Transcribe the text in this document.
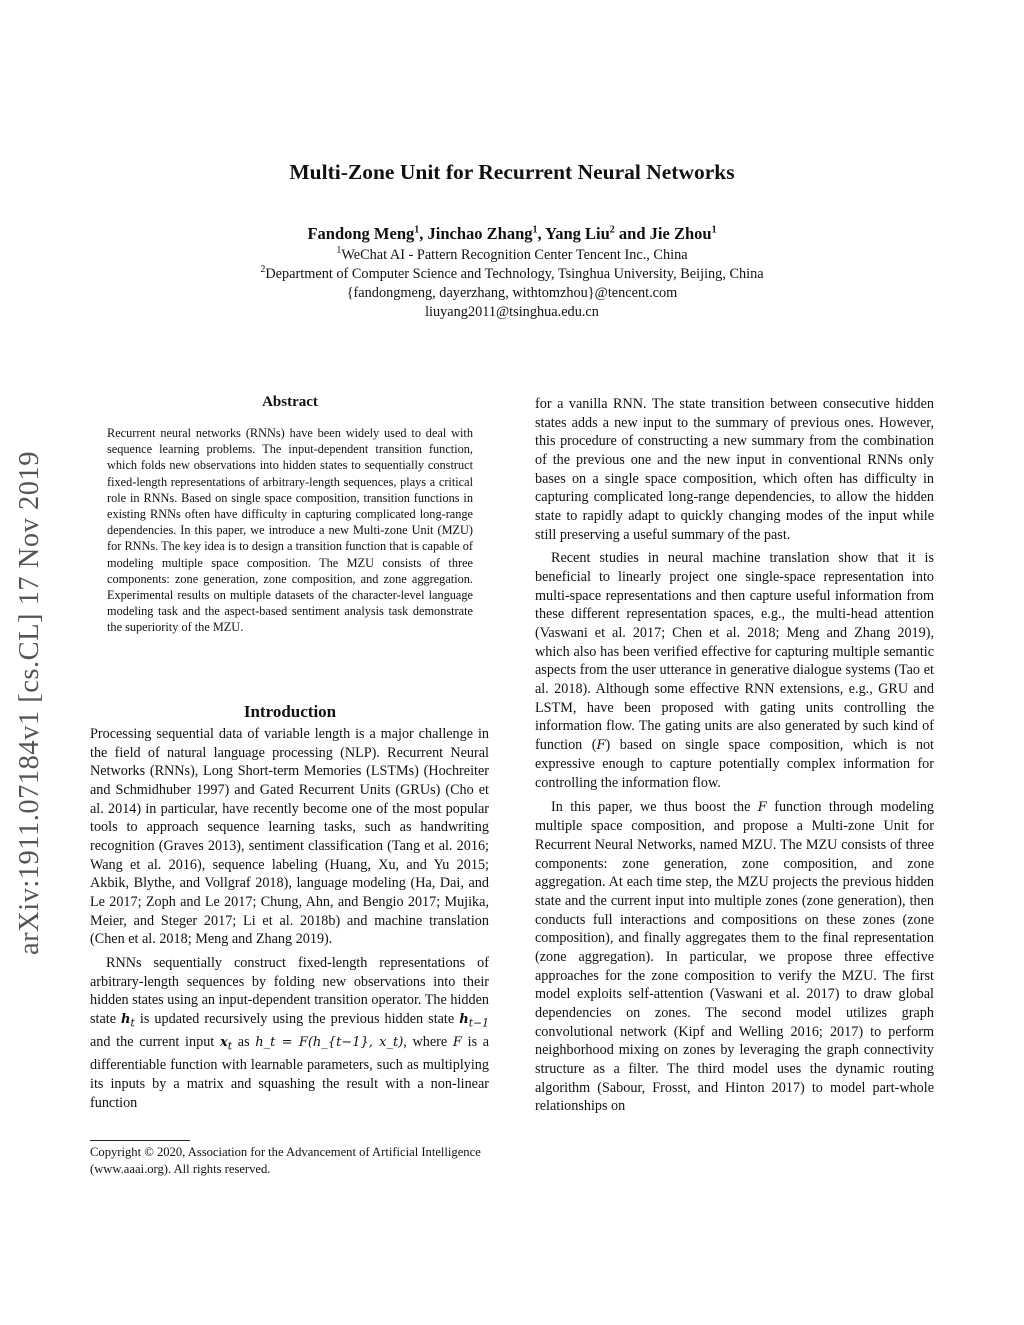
Multi-Zone Unit for Recurrent Neural Networks
Fandong Meng$^1$, Jinchao Zhang$^1$, Yang Liu$^2$ and Jie Zhou$^1$
$^1$WeChat AI - Pattern Recognition Center Tencent Inc., China
$^2$Department of Computer Science and Technology, Tsinghua University, Beijing, China
{fandongmeng, dayerzhang, withtomzhou}@tencent.com
liuyang2011@tsinghua.edu.cn
arXiv:1911.07184v1 [cs.CL] 17 Nov 2019
Abstract
Recurrent neural networks (RNNs) have been widely used to deal with sequence learning problems. The input-dependent transition function, which folds new observations into hidden states to sequentially construct fixed-length representations of arbitrary-length sequences, plays a critical role in RNNs. Based on single space composition, transition functions in existing RNNs often have difficulty in capturing complicated long-range dependencies. In this paper, we introduce a new Multi-zone Unit (MZU) for RNNs. The key idea is to design a transition function that is capable of modeling multiple space composition. The MZU consists of three components: zone generation, zone composition, and zone aggregation. Experimental results on multiple datasets of the character-level language modeling task and the aspect-based sentiment analysis task demonstrate the superiority of the MZU.
Introduction

Processing sequential data of variable length is a major challenge in the field of natural language processing (NLP). Recurrent Neural Networks (RNNs), Long Short-term Memories (LSTMs) (Hochreiter and Schmidhuber 1997) and Gated Recurrent Units (GRUs) (Cho et al. 2014) in particular, have recently become one of the most popular tools to approach sequence learning tasks, such as handwriting recognition (Graves 2013), sentiment classification (Tang et al. 2016; Wang et al. 2016), sequence labeling (Huang, Xu, and Yu 2015; Akbik, Blythe, and Vollgraf 2018), language modeling (Ha, Dai, and Le 2017; Zoph and Le 2017; Chung, Ahn, and Bengio 2017; Mujika, Meier, and Steger 2017; Li et al. 2018b) and machine translation (Chen et al. 2018; Meng and Zhang 2019).

RNNs sequentially construct fixed-length representations of arbitrary-length sequences by folding new observations into their hidden states using an input-dependent transition operator. The hidden state $h_t$ is updated recursively using the previous hidden state $h_{t-1}$ and the current input $x_t$ as h_t = F(h_{t−1}, x_t), where F is a differentiable function with learnable parameters, such as multiplying its inputs by a matrix and squashing the result with a non-linear function

Copyright © 2020, Association for the Advancement of Artificial Intelligence (www.aaai.org). All rights reserved.

for a vanilla RNN. The state transition between consecutive hidden states adds a new input to the summary of previous ones. However, this procedure of constructing a new summary from the combination of the previous one and the new input in conventional RNNs only bases on a single space composition, which often has difficulty in capturing complicated long-range dependencies, to allow the hidden state to rapidly adapt to quickly changing modes of the input while still preserving a useful summary of the past.

Recent studies in neural machine translation show that it is beneficial to linearly project one single-space representation into multi-space representations and then capture useful information from these different representation spaces, e.g., the multi-head attention (Vaswani et al. 2017; Chen et al. 2018; Meng and Zhang 2019), which also has been verified effective for capturing multiple semantic aspects from the user utterance in generative dialogue systems (Tao et al. 2018). Although some effective RNN extensions, e.g., GRU and LSTM, have been proposed with gating units controlling the information flow. The gating units are also generated by such kind of function (F) based on single space composition, which is not expressive enough to capture potentially complex information for controlling the information flow.

In this paper, we thus boost the F function through modeling multiple space composition, and propose a Multi-zone Unit for Recurrent Neural Networks, named MZU. The MZU consists of three components: zone generation, zone composition, and zone aggregation. At each time step, the MZU projects the previous hidden state and the current input into multiple zones (zone generation), then conducts full interactions and compositions on these zones (zone composition), and finally aggregates them to the final representation (zone aggregation). In particular, we propose three effective approaches for the zone composition to verify the MZU. The first model exploits self-attention (Vaswani et al. 2017) to draw global dependencies on zones. The second model utilizes graph convolutional network (Kipf and Welling 2016; 2017) to perform neighborhood mixing on zones by leveraging the graph connectivity structure as a filter. The third model uses the dynamic routing algorithm (Sabour, Frosst, and Hinton 2017) to model part-whole relationships on
